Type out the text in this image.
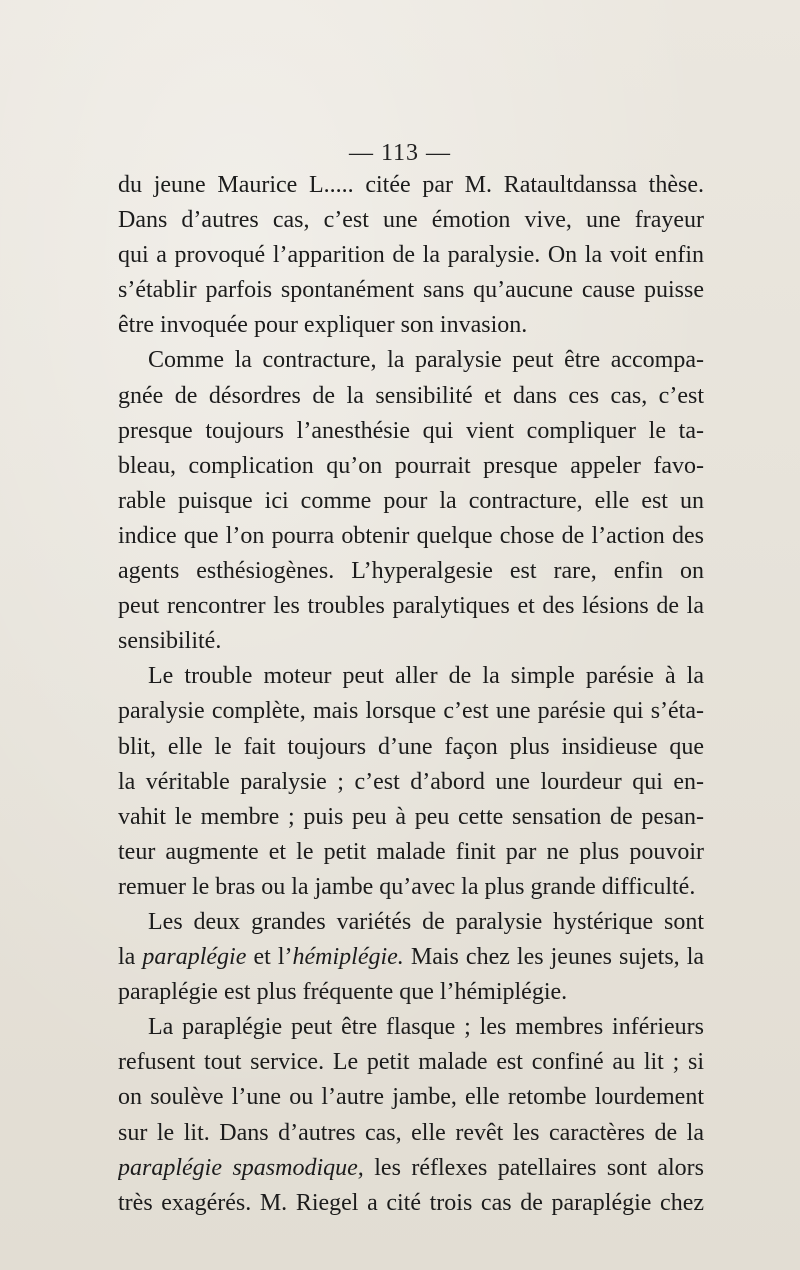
— 113 —
du jeune Maurice L..... citée par M. Rataultdanssa thèse.
Dans d’autres cas, c’est une émotion vive, une frayeur
qui a provoqué l’apparition de la paralysie. On la voit enfin
s’établir parfois spontanément sans qu’aucune cause puisse
être invoquée pour expliquer son invasion.
Comme la contracture, la paralysie peut être accompa-
gnée de désordres de la sensibilité et dans ces cas, c’est
presque toujours l’anesthésie qui vient compliquer le ta-
bleau, complication qu’on pourrait presque appeler favo-
rable puisque ici comme pour la contracture, elle est un
indice que l’on pourra obtenir quelque chose de l’action des
agents esthésiogènes. L’hyperalgesie est rare, enfin on
peut rencontrer les troubles paralytiques et des lésions de la
sensibilité.
Le trouble moteur peut aller de la simple parésie à la
paralysie complète, mais lorsque c’est une parésie qui s’éta-
blit, elle le fait toujours d’une façon plus insidieuse que
la véritable paralysie ; c’est d’abord une lourdeur qui en-
vahit le membre ; puis peu à peu cette sensation de pesan-
teur augmente et le petit malade finit par ne plus pouvoir
remuer le bras ou la jambe qu’avec la plus grande difficulté.
Les deux grandes variétés de paralysie hystérique sont
la paraplégie et l’hémiplégie. Mais chez les jeunes sujets, la
paraplégie est plus fréquente que l’hémiplégie.
La paraplégie peut être flasque ; les membres inférieurs
refusent tout service. Le petit malade est confiné au lit ; si
on soulève l’une ou l’autre jambe, elle retombe lourdement
sur le lit. Dans d’autres cas, elle revêt les caractères de la
paraplégie spasmodique, les réflexes patellaires sont alors
très exagérés. M. Riegel a cité trois cas de paraplégie chez
